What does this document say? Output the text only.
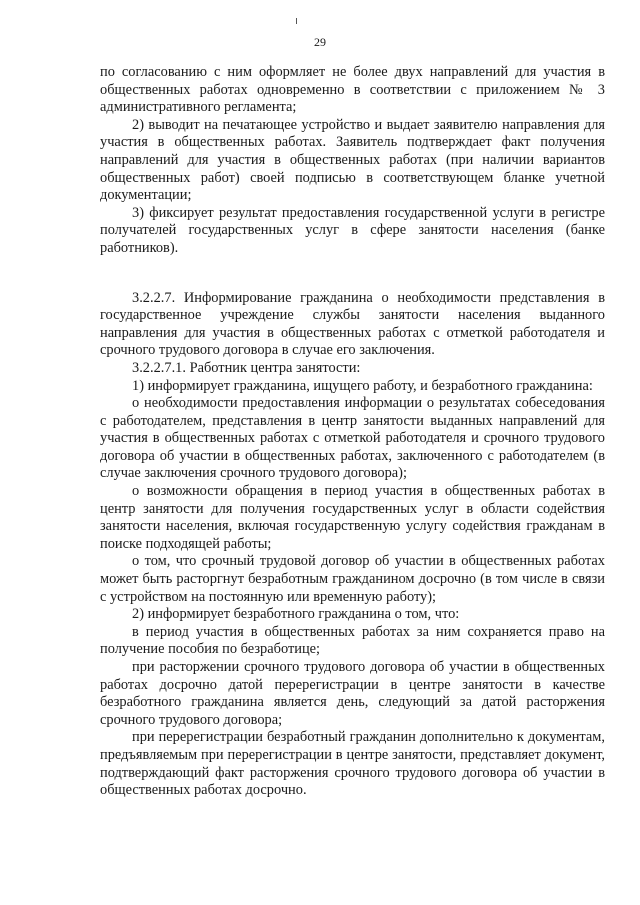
29

по согласованию с ним оформляет не более двух направлений для участия в общественных работах одновременно в соответствии с приложением № 3 административного регламента;

2) выводит на печатающее устройство и выдает заявителю направления для участия в общественных работах. Заявитель подтверждает факт получения направлений для участия в общественных работах (при наличии вариантов общественных работ) своей подписью в соответствующем бланке учетной документации;

3) фиксирует результат предоставления государственной услуги в регистре получателей государственных услуг в сфере занятости населения (банке работников).

3.2.2.7. Информирование гражданина о необходимости представления в государственное учреждение службы занятости населения выданного направления для участия в общественных работах с отметкой работодателя и срочного трудового договора в случае его заключения.

3.2.2.7.1. Работник центра занятости:

1) информирует гражданина, ищущего работу, и безработного гражданина:

о необходимости предоставления информации о результатах собеседования с работодателем, представления в центр занятости выданных направлений для участия в общественных работах с отметкой работодателя и срочного трудового договора об участии в общественных работах, заключенного с работодателем (в случае заключения срочного трудового договора);

о возможности обращения в период участия в общественных работах в центр занятости для получения государственных услуг в области содействия занятости населения, включая государственную услугу содействия гражданам в поиске подходящей работы;

о том, что срочный трудовой договор об участии в общественных работах может быть расторгнут безработным гражданином досрочно (в том числе в связи с устройством на постоянную или временную работу);

2) информирует безработного гражданина о том, что:

в период участия в общественных работах за ним сохраняется право на получение пособия по безработице;

при расторжении срочного трудового договора об участии в общественных работах досрочно датой перерегистрации в центре занятости в качестве безработного гражданина является день, следующий за датой расторжения срочного трудового договора;

при перерегистрации безработный гражданин дополнительно к документам, предъявляемым при перерегистрации в центре занятости, представляет документ, подтверждающий факт расторжения срочного трудового договора об участии в общественных работах досрочно.
